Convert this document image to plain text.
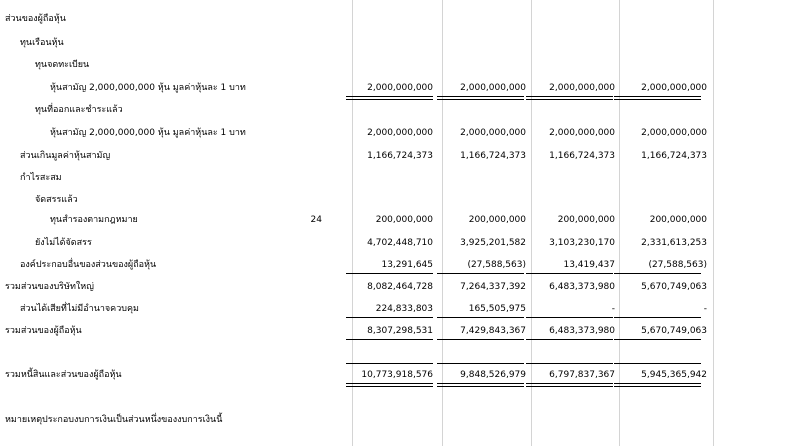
ส่วนของผู้ถือหุ้น
ทุนเรือนหุ้น
ทุนจดทะเบียน
หุ้นสามัญ 2,000,000,000 หุ้น มูลค่าหุ้นละ 1 บาท	2,000,000,000	2,000,000,000	2,000,000,000	2,000,000,000
ทุนที่ออกและชำระแล้ว
หุ้นสามัญ 2,000,000,000 หุ้น มูลค่าหุ้นละ 1 บาท	2,000,000,000	2,000,000,000	2,000,000,000	2,000,000,000
ส่วนเกินมูลค่าหุ้นสามัญ	1,166,724,373	1,166,724,373	1,166,724,373	1,166,724,373
กำไรสะสม
จัดสรรแล้ว
ทุนสำรองตามกฎหมาย	24	200,000,000	200,000,000	200,000,000	200,000,000
ยังไม่ได้จัดสรร	4,702,448,710	3,925,201,582	3,103,230,170	2,331,613,253
องค์ประกอบอื่นของส่วนของผู้ถือหุ้น	13,291,645	(27,588,563)	13,419,437	(27,588,563)
รวมส่วนของบริษัทใหญ่	8,082,464,728	7,264,337,392	6,483,373,980	5,670,749,063
ส่วนได้เสียที่ไม่มีอำนาจควบคุม	224,833,803	165,505,975	-	-
รวมส่วนของผู้ถือหุ้น	8,307,298,531	7,429,843,367	6,483,373,980	5,670,749,063
รวมหนี้สินและส่วนของผู้ถือหุ้น	10,773,918,576	9,848,526,979	6,797,837,367	5,945,365,942
หมายเหตุประกอบงบการเงินเป็นส่วนหนึ่งของงบการเงินนี้
